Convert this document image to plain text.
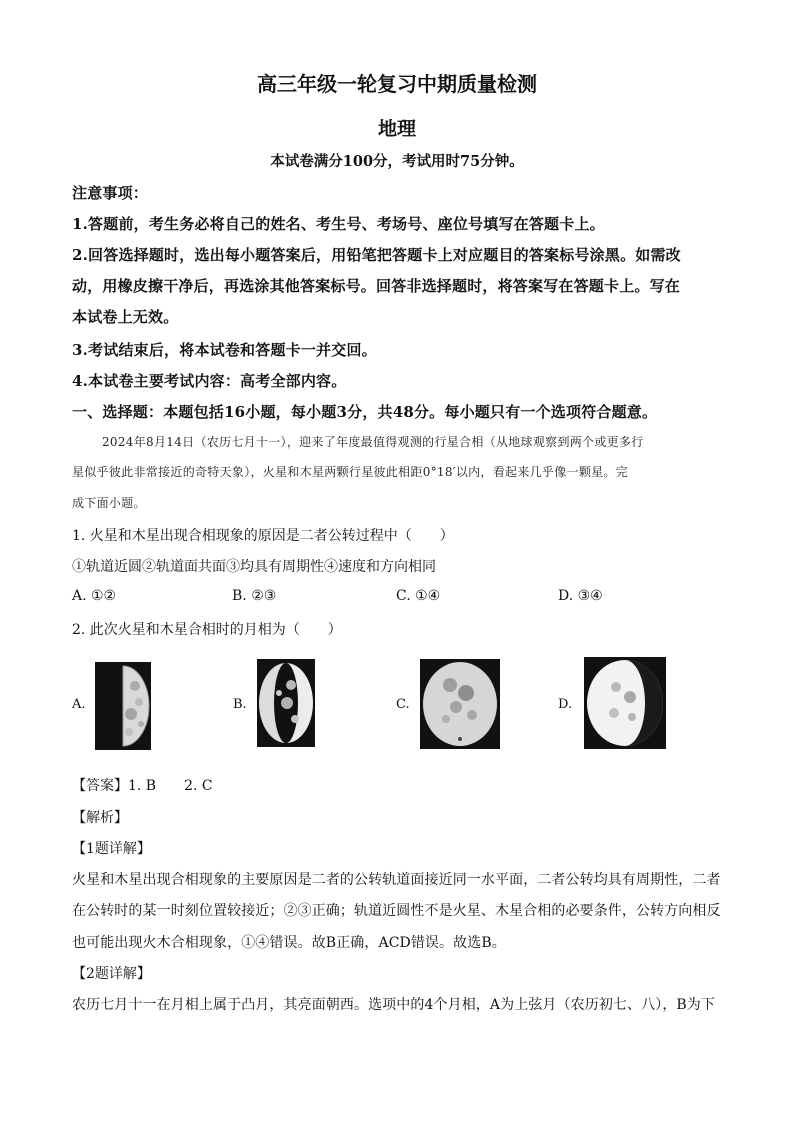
高三年级一轮复习中期质量检测
地理
本试卷满分100分，考试用时75分钟。
注意事项：
1.答题前，考生务必将自己的姓名、考生号、考场号、座位号填写在答题卡上。
2.回答选择题时，选出每小题答案后，用铅笔把答题卡上对应题目的答案标号涂黑。如需改
动，用橡皮擦干净后，再选涂其他答案标号。回答非选择题时，将答案写在答题卡上。写在
本试卷上无效。
3.考试结束后，将本试卷和答题卡一并交回。
4.本试卷主要考试内容：高考全部内容。
一、选择题：本题包括16小题，每小题3分，共48分。每小题只有一个选项符合题意。
2024年8月14日（农历七月十一），迎来了年度最值得观测的行星合相（从地球观察到两个或更多行
星似乎彼此非常接近的奇特天象），火星和木星两颗行星彼此相距0°18′以内，看起来几乎像一颗星。完
成下面小题。
1. 火星和木星出现合相现象的原因是二者公转过程中（　　）
①轨道近圆②轨道面共面③均具有周期性④速度和方向相同
A. ①②	B. ②③	C. ①④	D. ③④
2. 此次火星和木星合相时的月相为（　　）
A.	B.	C.	D.
【答案】1. B　　2. C
【解析】
【1题详解】
火星和木星出现合相现象的主要原因是二者的公转轨道面接近同一水平面，二者公转均具有周期性，二者
在公转时的某一时刻位置较接近；②③正确；轨道近圆性不是火星、木星合相的必要条件，公转方向相反
也可能出现火木合相现象，①④错误。故B正确，ACD错误。故选B。
【2题详解】
农历七月十一在月相上属于凸月，其亮面朝西。选项中的4个月相，A为上弦月（农历初七、八），B为下
